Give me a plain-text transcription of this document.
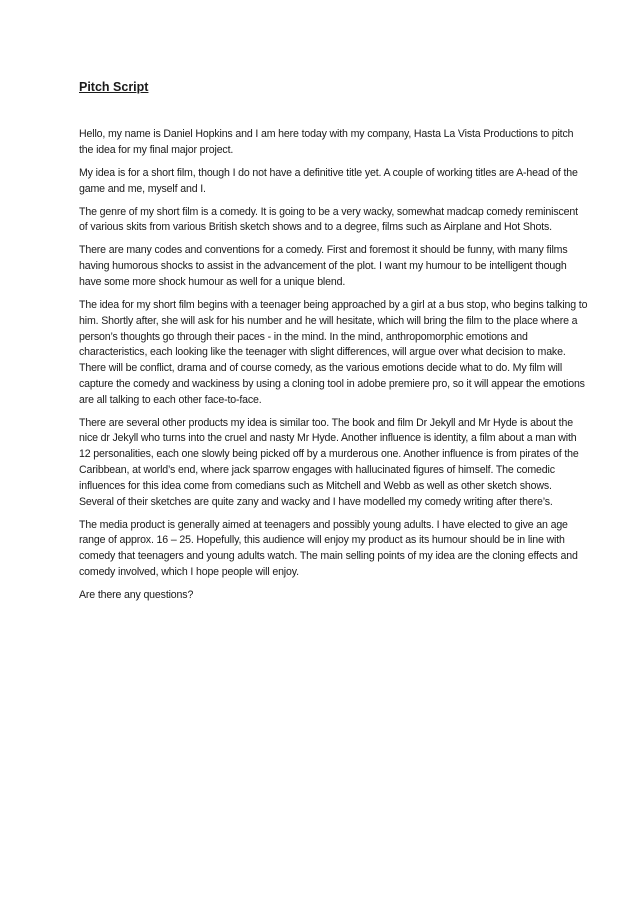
Pitch Script

Hello, my name is Daniel Hopkins and I am here today with my company, Hasta La Vista Productions to pitch the idea for my final major project.

My idea is for a short film, though I do not have a definitive title yet. A couple of working titles are A-head of the game and me, myself and I.

The genre of my short film is a comedy. It is going to be a very wacky, somewhat madcap comedy reminiscent of various skits from various British sketch shows and to a degree, films such as Airplane and Hot Shots.

There are many codes and conventions for a comedy. First and foremost it should be funny, with many films having humorous shocks to assist in the advancement of the plot. I want my humour to be intelligent though have some more shock humour as well for a unique blend.

The idea for my short film begins with a teenager being approached by a girl at a bus stop, who begins talking to him. Shortly after, she will ask for his number and he will hesitate, which will bring the film to the place where a person’s thoughts go through their paces - in the mind. In the mind, anthropomorphic emotions and characteristics, each looking like the teenager with slight differences, will argue over what decision to make. There will be conflict, drama and of course comedy, as the various emotions decide what to do. My film will capture the comedy and wackiness by using a cloning tool in adobe premiere pro, so it will appear the emotions are all talking to each other face-to-face.

There are several other products my idea is similar too. The book and film Dr Jekyll and Mr Hyde is about the nice dr Jekyll who turns into the cruel and nasty Mr Hyde. Another influence is identity, a film about a man with 12 personalities, each one slowly being picked off by a murderous one. Another influence is from pirates of the Caribbean, at world’s end, where jack sparrow engages with hallucinated figures of himself. The comedic influences for this idea come from comedians such as Mitchell and Webb as well as other sketch shows. Several of their sketches are quite zany and wacky and I have modelled my comedy writing after there’s.

The media product is generally aimed at teenagers and possibly young adults. I have elected to give an age range of approx. 16 – 25. Hopefully, this audience will enjoy my product as its humour should be in line with comedy that teenagers and young adults watch. The main selling points of my idea are the cloning effects and comedy involved, which I hope people will enjoy.

Are there any questions?
